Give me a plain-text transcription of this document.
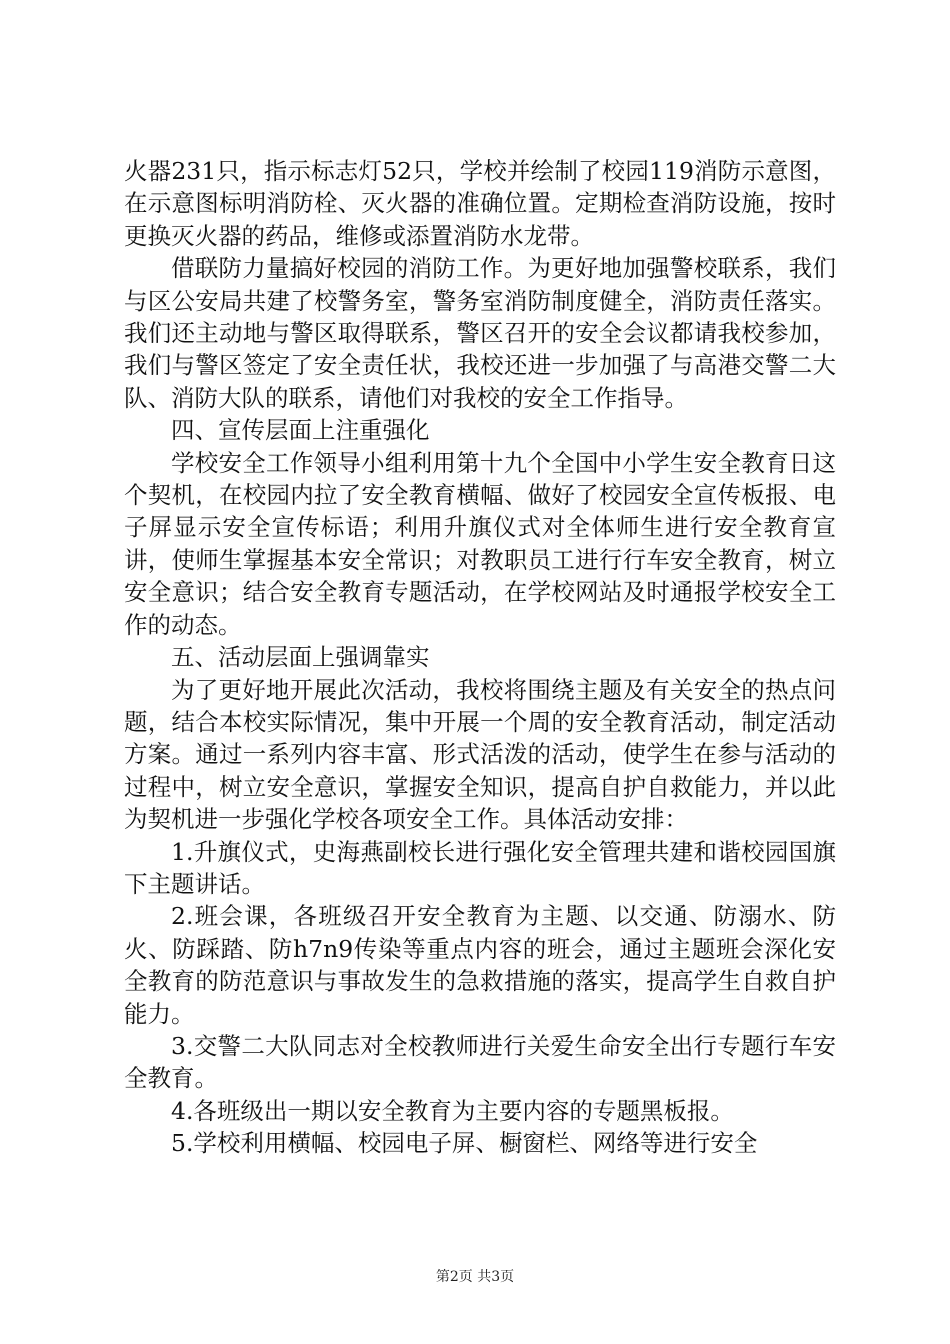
火器231只，指示标志灯52只，学校并绘制了校园119消防示意图，在示意图标明消防栓、灭火器的准确位置。定期检查消防设施，按时更换灭火器的药品，维修或添置消防水龙带。

借联防力量搞好校园的消防工作。为更好地加强警校联系，我们与区公安局共建了校警务室，警务室消防制度健全，消防责任落实。我们还主动地与警区取得联系，警区召开的安全会议都请我校参加，我们与警区签定了安全责任状，我校还进一步加强了与高港交警二大队、消防大队的联系，请他们对我校的安全工作指导。

四、宣传层面上注重强化

学校安全工作领导小组利用第十九个全国中小学生安全教育日这个契机，在校园内拉了安全教育横幅、做好了校园安全宣传板报、电子屏显示安全宣传标语；利用升旗仪式对全体师生进行安全教育宣讲，使师生掌握基本安全常识；对教职员工进行行车安全教育，树立安全意识；结合安全教育专题活动，在学校网站及时通报学校安全工作的动态。

五、活动层面上强调靠实

为了更好地开展此次活动，我校将围绕主题及有关安全的热点问题，结合本校实际情况，集中开展一个周的安全教育活动，制定活动方案。通过一系列内容丰富、形式活泼的活动，使学生在参与活动的过程中，树立安全意识，掌握安全知识，提高自护自救能力，并以此为契机进一步强化学校各项安全工作。具体活动安排：

1.升旗仪式，史海燕副校长进行强化安全管理共建和谐校园国旗下主题讲话。

2.班会课，各班级召开安全教育为主题、以交通、防溺水、防火、防踩踏、防h7n9传染等重点内容的班会，通过主题班会深化安全教育的防范意识与事故发生的急救措施的落实，提高学生自救自护能力。

3.交警二大队同志对全校教师进行关爱生命安全出行专题行车安全教育。

4.各班级出一期以安全教育为主要内容的专题黑板报。

5.学校利用横幅、校园电子屏、橱窗栏、网络等进行安全

第2页 共3页
